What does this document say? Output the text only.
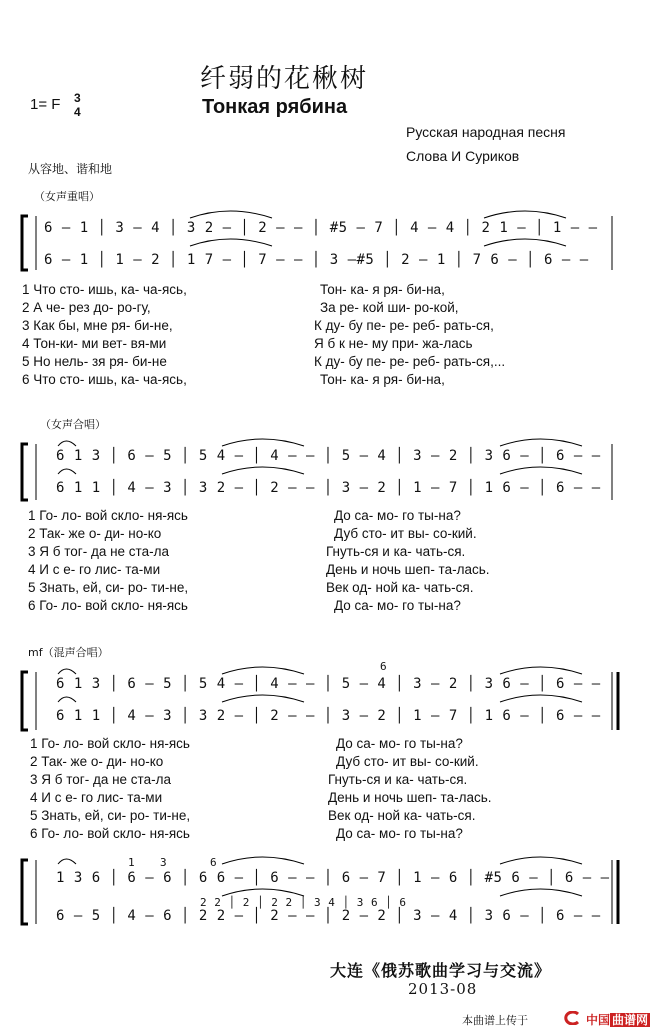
纤弱的花楸树
Тонкая рябина
1= F 3
4
Русская народная песня
Слова И Суриков
从容地、谐和地
（女声重唱）
6 – 1 │ 3 – 4 │ 3 2 – │ 2 – – │ #5 – 7 │ 4 – 4 │ 2 1 – │ 1 – –
6 – 1 │ 1 – 2 │ 1 7 – │ 7 – – │ 3 –#5 │ 2 – 1 │ 7 6 – │ 6 – –
1 Что сто- ишь, ка- ча-ясь,	Тон- ка- я ря- би-на,
2 А че- рез до- ро-гу,	За ре- кой ши- ро-кой,
3 Как бы, мне ря- би-не,	К ду- бу пе- ре- реб- рать-ся,
4 Тон-ки- ми вет- вя-ми	Я б к не- му при- жа-лась
5 Но нель- зя ря- би-не	К ду- бу пе- ре- реб- рать-ся,...
6 Что сто- ишь, ка- ча-ясь,	Тон- ка- я ря- би-на,
（女声合唱）
6 1 3 │ 6 – 5 │ 5 4 – │ 4 – – │ 5 – 4 │ 3 – 2 │ 3 6 – │ 6 – –
6 1 1 │ 4 – 3 │ 3 2 – │ 2 – – │ 3 – 2 │ 1 – 7 │ 1 6 – │ 6 – –
1 Го- ло- вой скло- ня-ясь	До са- мо- го ты-на?
2 Так- же о- ди- но-ко	Дуб сто- ит вы- со-кий.
3 Я б тог- да не ста-ла	Гнуть-ся и ка- чать-ся.
4 И с е- го лис- та-ми	День и ночь шеп- та-лась.
5 Знать, ей, си- ро- ти-не,	Век од- ной ка- чать-ся.
6 Го- ло- вой скло- ня-ясь	До са- мо- го ты-на?
mf（混声合唱）
6
6 1 3 │ 6 – 5 │ 5 4 – │ 4 – – │ 5 – 4 │ 3 – 2 │ 3 6 – │ 6 – –
6 1 1 │ 4 – 3 │ 3 2 – │ 2 – – │ 3 – 2 │ 1 – 7 │ 1 6 – │ 6 – –
1 Го- ло- вой скло- ня-ясь	До са- мо- го ты-на?
2 Так- же о- ди- но-ко	Дуб сто- ит вы- со-кий.
3 Я б тог- да не ста-ла	Гнуть-ся и ка- чать-ся.
4 И с е- го лис- та-ми	День и ночь шеп- та-лась.
5 Знать, ей, си- ро- ти-не,	Век од- ной ка- чать-ся.
6 Го- ло- вой скло- ня-ясь	До са- мо- го ты-на?
1 3	6
1 3 6 │ 6 – 6 │ 6 6 – │ 6 – – │ 6 – 7 │ 1 – 6 │ #5 6 – │ 6 – –
2 2 │ 2 │ 2 2 │ 3 4 │ 3 6 │ 6
6 – 5 │ 4 – 6 │ 2 2 – │ 2 – – │ 2 – 2 │ 3 – 4 │ 3 6 – │ 6 – –
大连《俄苏歌曲学习与交流》
2013-08
本曲谱上传于	中国 曲谱网
